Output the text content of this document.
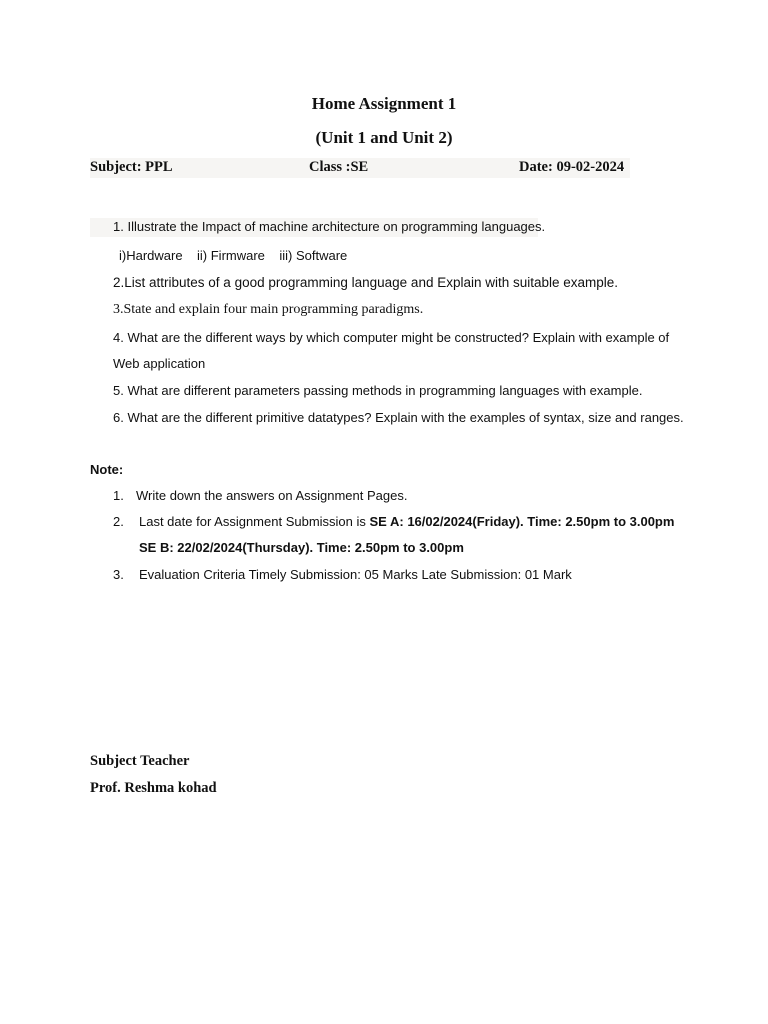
Home Assignment 1
(Unit 1 and Unit 2)
Subject: PPL	Class :SE	Date: 09-02-2024
1. Illustrate the Impact of machine architecture on programming languages.
i)Hardware    ii) Firmware    iii) Software
2.List attributes of a good programming language and Explain with suitable example.
3.State and explain four main programming paradigms.
4. What are the different ways by which computer might be constructed? Explain with example of
Web application
5. What are different parameters passing methods in programming languages with example.
6. What are the different primitive datatypes? Explain with the examples of syntax, size and ranges.
Note:
1. Write down the answers on Assignment Pages.
2. Last date for Assignment Submission is SE A: 16/02/2024(Friday). Time: 2.50pm to 3.00pm
SE B: 22/02/2024(Thursday). Time: 2.50pm to 3.00pm
3. Evaluation Criteria Timely Submission: 05 Marks Late Submission: 01 Mark
Subject Teacher
Prof. Reshma kohad
